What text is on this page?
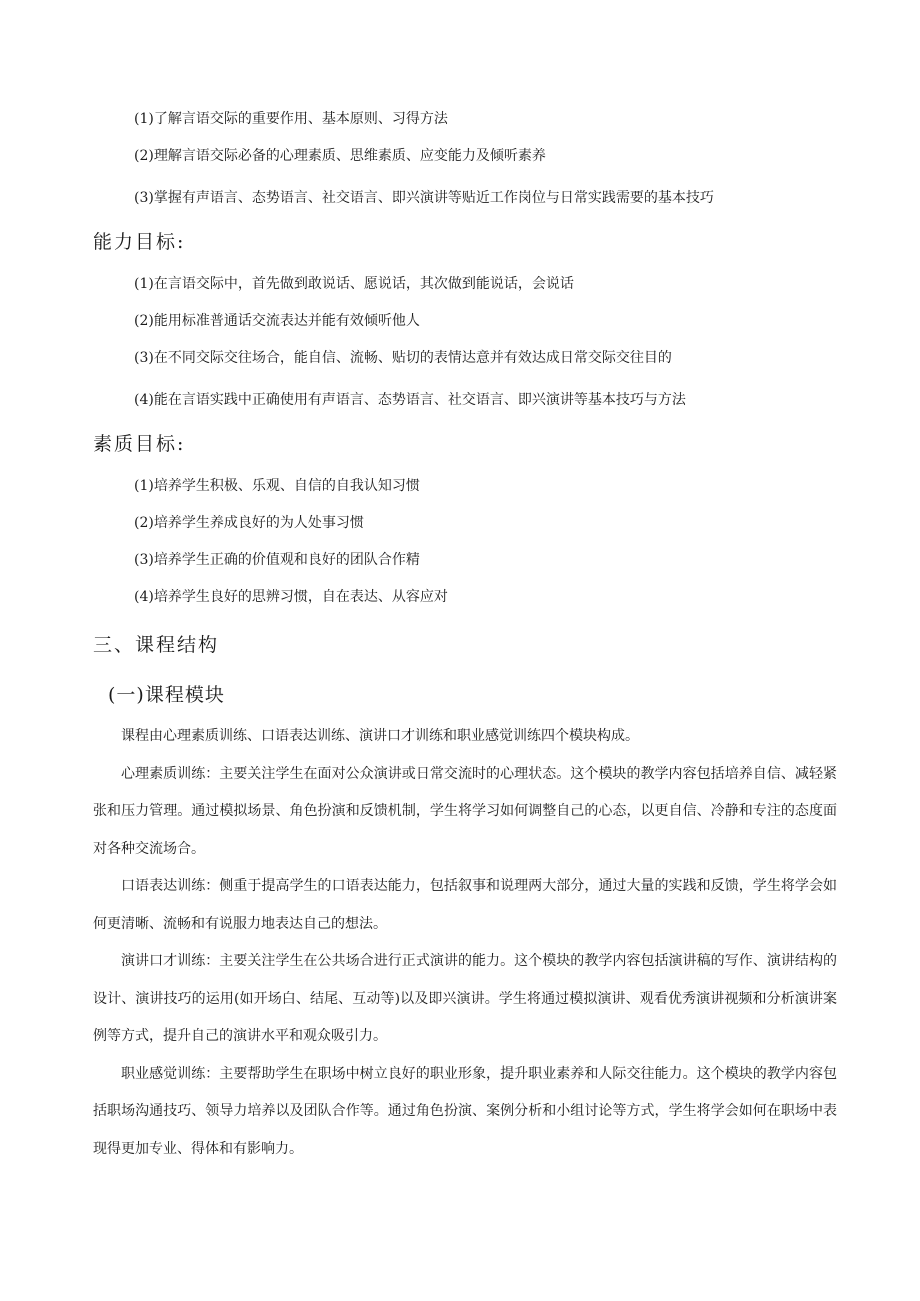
(1)了解言语交际的重要作用、基本原则、习得方法
(2)理解言语交际必备的心理素质、思维素质、应变能力及倾听素养
(3)掌握有声语言、态势语言、社交语言、即兴演讲等贴近工作岗位与日常实践需要的基本技巧
能力目标:
(1)在言语交际中，首先做到敢说话、愿说话，其次做到能说话，会说话
(2)能用标准普通话交流表达并能有效倾听他人
(3)在不同交际交往场合，能自信、流畅、贴切的表情达意并有效达成日常交际交往目的
(4)能在言语实践中正确使用有声语言、态势语言、社交语言、即兴演讲等基本技巧与方法
素质目标:
(1)培养学生积极、乐观、自信的自我认知习惯
(2)培养学生养成良好的为人处事习惯
(3)培养学生正确的价值观和良好的团队合作精
(4)培养学生良好的思辨习惯，自在表达、从容应对
三、课程结构
(一)课程模块
课程由心理素质训练、口语表达训练、演讲口才训练和职业感觉训练四个模块构成。
心理素质训练：主要关注学生在面对公众演讲或日常交流时的心理状态。这个模块的教学内容包括培养自信、减轻紧张和压力管理。通过模拟场景、角色扮演和反馈机制，学生将学习如何调整自己的心态，以更自信、冷静和专注的态度面对各种交流场合。
口语表达训练：侧重于提高学生的口语表达能力，包括叙事和说理两大部分，通过大量的实践和反馈，学生将学会如何更清晰、流畅和有说服力地表达自己的想法。
演讲口才训练：主要关注学生在公共场合进行正式演讲的能力。这个模块的教学内容包括演讲稿的写作、演讲结构的设计、演讲技巧的运用(如开场白、结尾、互动等)以及即兴演讲。学生将通过模拟演讲、观看优秀演讲视频和分析演讲案例等方式，提升自己的演讲水平和观众吸引力。
职业感觉训练：主要帮助学生在职场中树立良好的职业形象，提升职业素养和人际交往能力。这个模块的教学内容包括职场沟通技巧、领导力培养以及团队合作等。通过角色扮演、案例分析和小组讨论等方式，学生将学会如何在职场中表现得更加专业、得体和有影响力。
